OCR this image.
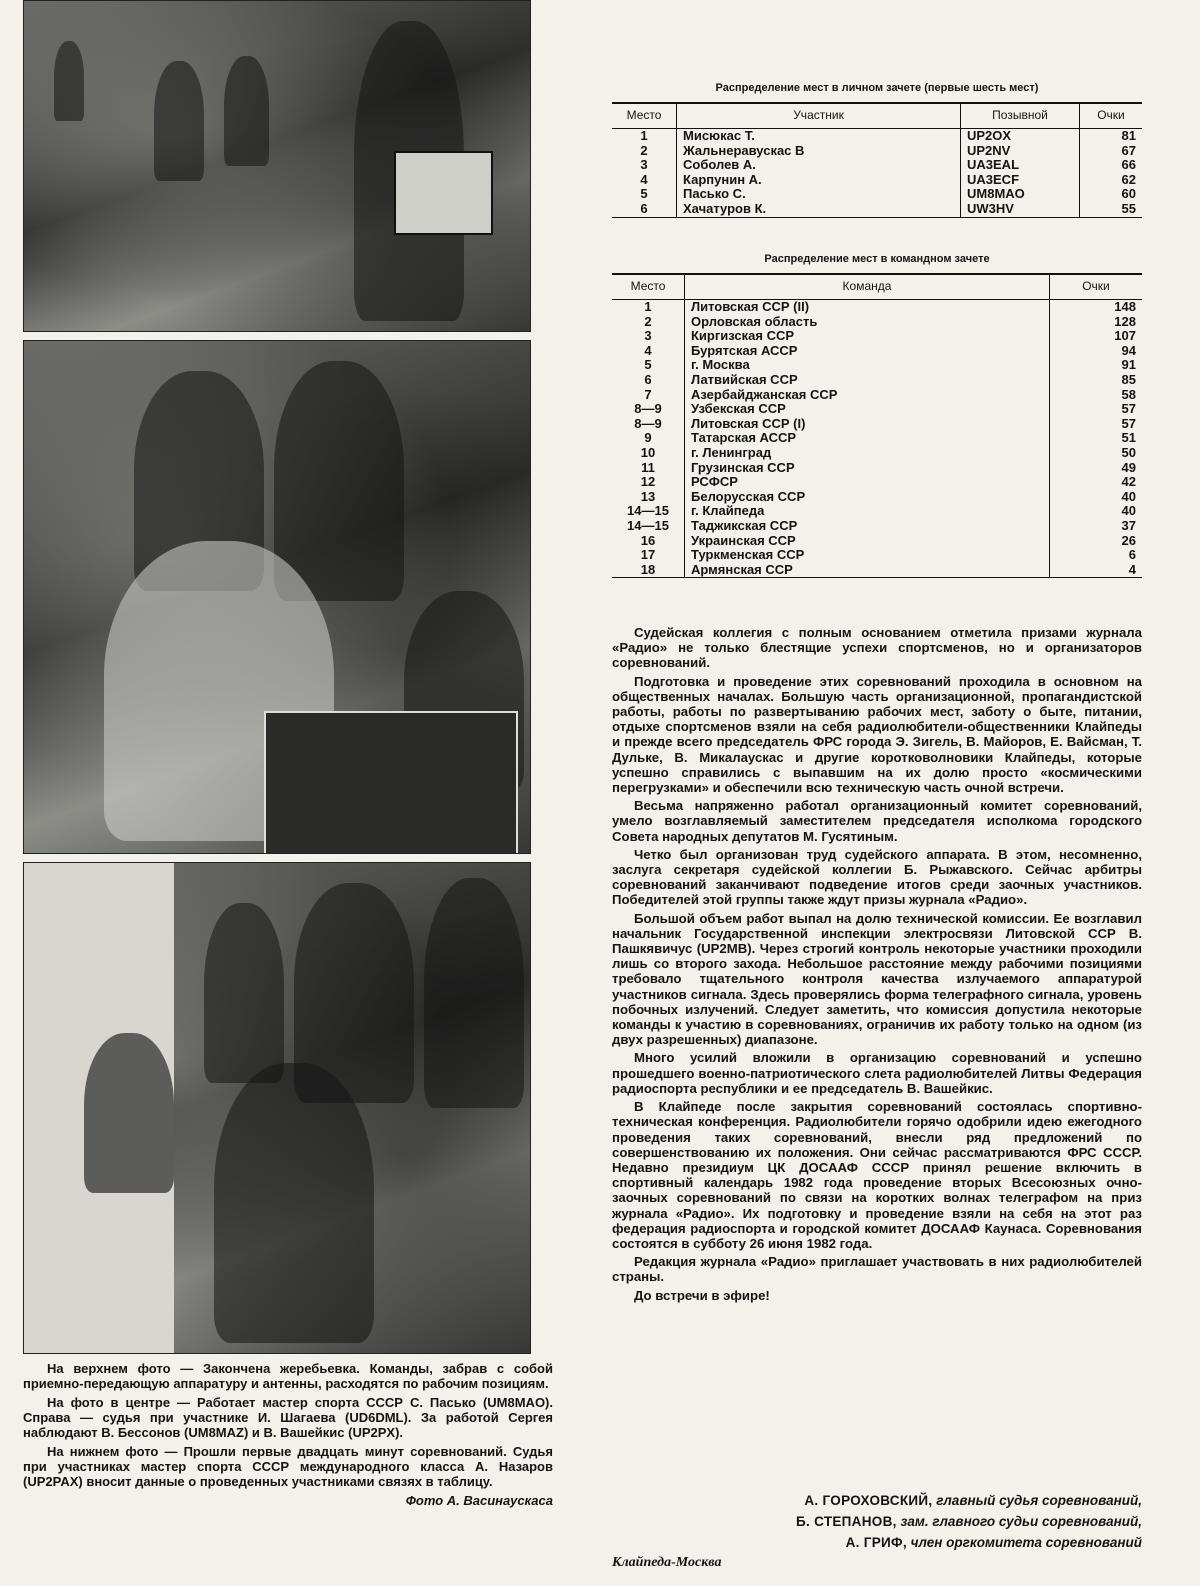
На верхнем фото — Закончена жеребьевка. Команды, забрав с собой приемно-передающую аппаратуру и антенны, расходятся по рабочим позициям.

На фото в центре — Работает мастер спорта СССР С. Пасько (UM8MAO). Справа — судья при участнике И. Шагаева (UD6DML). За работой Сергея наблюдают В. Бессонов (UM8MAZ) и В. Вашейкис (UP2PX).

На нижнем фото — Прошли первые двадцать минут соревнований. Судья при участниках мастер спорта СССР международного класса А. Назаров (UP2PAX) вносит данные о проведенных участниками связях в таблицу.

Фото А. Васинаускаса
Распределение мест в личном зачете (первые шесть мест)
Место	Участник	Позывной	Очки
1	Мисюкас Т.	UP2OX	81
2	Жальнеравускас В	UP2NV	67
3	Соболев А.	UA3EAL	66
4	Карпунин А.	UA3ECF	62
5	Пасько С.	UM8MAO	60
6	Хачатуров К.	UW3HV	55
Распределение мест в командном зачете
Место	Команда	Очки
1	Литовская ССР (II)	148
2	Орловская область	128
3	Киргизская ССР	107
4	Бурятская АССР	94
5	г. Москва	91
6	Латвийская ССР	85
7	Азербайджанская ССР	58
8—9	Узбекская ССР	57
8—9	Литовская ССР (I)	57
9	Татарская АССР	51
10	г. Ленинград	50
11	Грузинская ССР	49
12	РСФСР	42
13	Белорусская ССР	40
14—15	г. Клайпеда	40
14—15	Таджикская ССР	37
16	Украинская ССР	26
17	Туркменская ССР	6
18	Армянская ССР	4

Судейская коллегия с полным основанием отметила призами журнала «Радио» не только блестящие успехи спортсменов, но и организаторов соревнований.

Подготовка и проведение этих соревнований проходила в основном на общественных началах. Большую часть организационной, пропагандистской работы, работы по развертыванию рабочих мест, заботу о быте, питании, отдыхе спортсменов взяли на себя радиолюбители-общественники Клайпеды и прежде всего председатель ФРС города Э. Зигель, В. Майоров, Е. Вайсман, Т. Дульке, В. Микалаускас и другие коротковолновики Клайпеды, которые успешно справились с выпавшим на их долю просто «космическими перегрузками» и обеспечили всю техническую часть очной встречи.

Весьма напряженно работал организационный комитет соревнований, умело возглавляемый заместителем председателя исполкома городского Совета народных депутатов М. Гусятиным.

Четко был организован труд судейского аппарата. В этом, несомненно, заслуга секретаря судейской коллегии Б. Рыжавского. Сейчас арбитры соревнований заканчивают подведение итогов среди заочных участников. Победителей этой группы также ждут призы журнала «Радио».

Большой объем работ выпал на долю технической комиссии. Ее возглавил начальник Государственной инспекции электросвязи Литовской ССР В. Пашкявичус (UP2MB). Через строгий контроль некоторые участники проходили лишь со второго захода. Небольшое расстояние между рабочими позициями требовало тщательного контроля качества излучаемого аппаратурой участников сигнала. Здесь проверялись форма телеграфного сигнала, уровень побочных излучений. Следует заметить, что комиссия допустила некоторые команды к участию в соревнованиях, ограничив их работу только на одном (из двух разрешенных) диапазоне.

Много усилий вложили в организацию соревнований и успешно прошедшего военно-патриотического слета радиолюбителей Литвы Федерация радиоспорта республики и ее председатель В. Вашейкис.

В Клайпеде после закрытия соревнований состоялась спортивно-техническая конференция. Радиолюбители горячо одобрили идею ежегодного проведения таких соревнований, внесли ряд предложений по совершенствованию их положения. Они сейчас рассматриваются ФРС СССР. Недавно президиум ЦК ДОСААФ СССР принял решение включить в спортивный календарь 1982 года проведение вторых Всесоюзных очно-заочных соревнований по связи на коротких волнах телеграфом на приз журнала «Радио». Их подготовку и проведение взяли на себя на этот раз федерация радиоспорта и городской комитет ДОСААФ Каунаса. Соревнования состоятся в субботу 26 июня 1982 года.

Редакция журнала «Радио» приглашает участвовать в них радиолюбителей страны.

До встречи в эфире!

А. ГОРОХОВСКИЙ, главный судья соревнований,
Б. СТЕПАНОВ, зам. главного судьи соревнований,
А. ГРИФ, член оргкомитета соревнований
Клайпеда-Москва
